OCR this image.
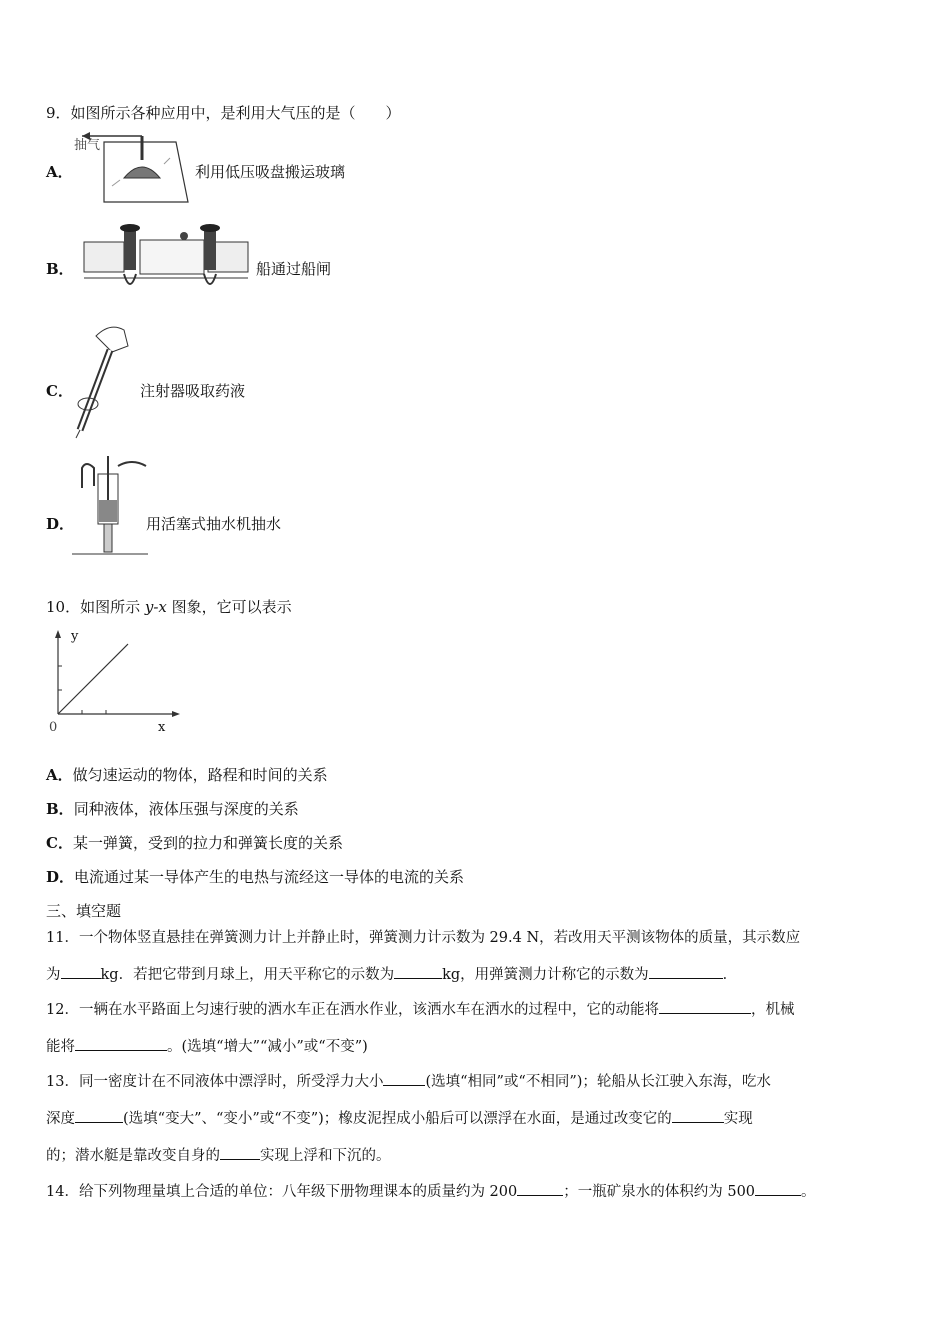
9．如图所示各种应用中，是利用大气压的是（　　）
A．
抽气
利用低压吸盘搬运玻璃
B．	船通过船闸
C．	注射器吸取药液
D．	用活塞式抽水机抽水
10．如图所示 y-x 图象，它可以表示
y
x
0
A．做匀速运动的物体，路程和时间的关系
B．同种液体，液体压强与深度的关系
C．某一弹簧，受到的拉力和弹簧长度的关系
D．电流通过某一导体产生的电热与流经这一导体的电流的关系
三、填空题
11．一个物体竖直悬挂在弹簧测力计上并静止时，弹簧测力计示数为 29.4 N，若改用天平测该物体的质量，其示数应
为	kg．若把它带到月球上，用天平称它的示数为	kg，用弹簧测力计称它的示数为	．
12．一辆在水平路面上匀速行驶的洒水车正在洒水作业，该洒水车在洒水的过程中，它的动能将	，机械
能将	。(选填“增大”“减小”或“不变”)
13．同一密度计在不同液体中漂浮时，所受浮力大小	(选填“相同”或“不相同”)；轮船从长江驶入东海，吃水
深度	(选填“变大”、“变小”或“不变”)；橡皮泥捏成小船后可以漂浮在水面，是通过改变它的	实现
的；潜水艇是靠改变自身的	实现上浮和下沉的。
14．给下列物理量填上合适的单位：八年级下册物理课本的质量约为 200	；一瓶矿泉水的体积约为 500	。
